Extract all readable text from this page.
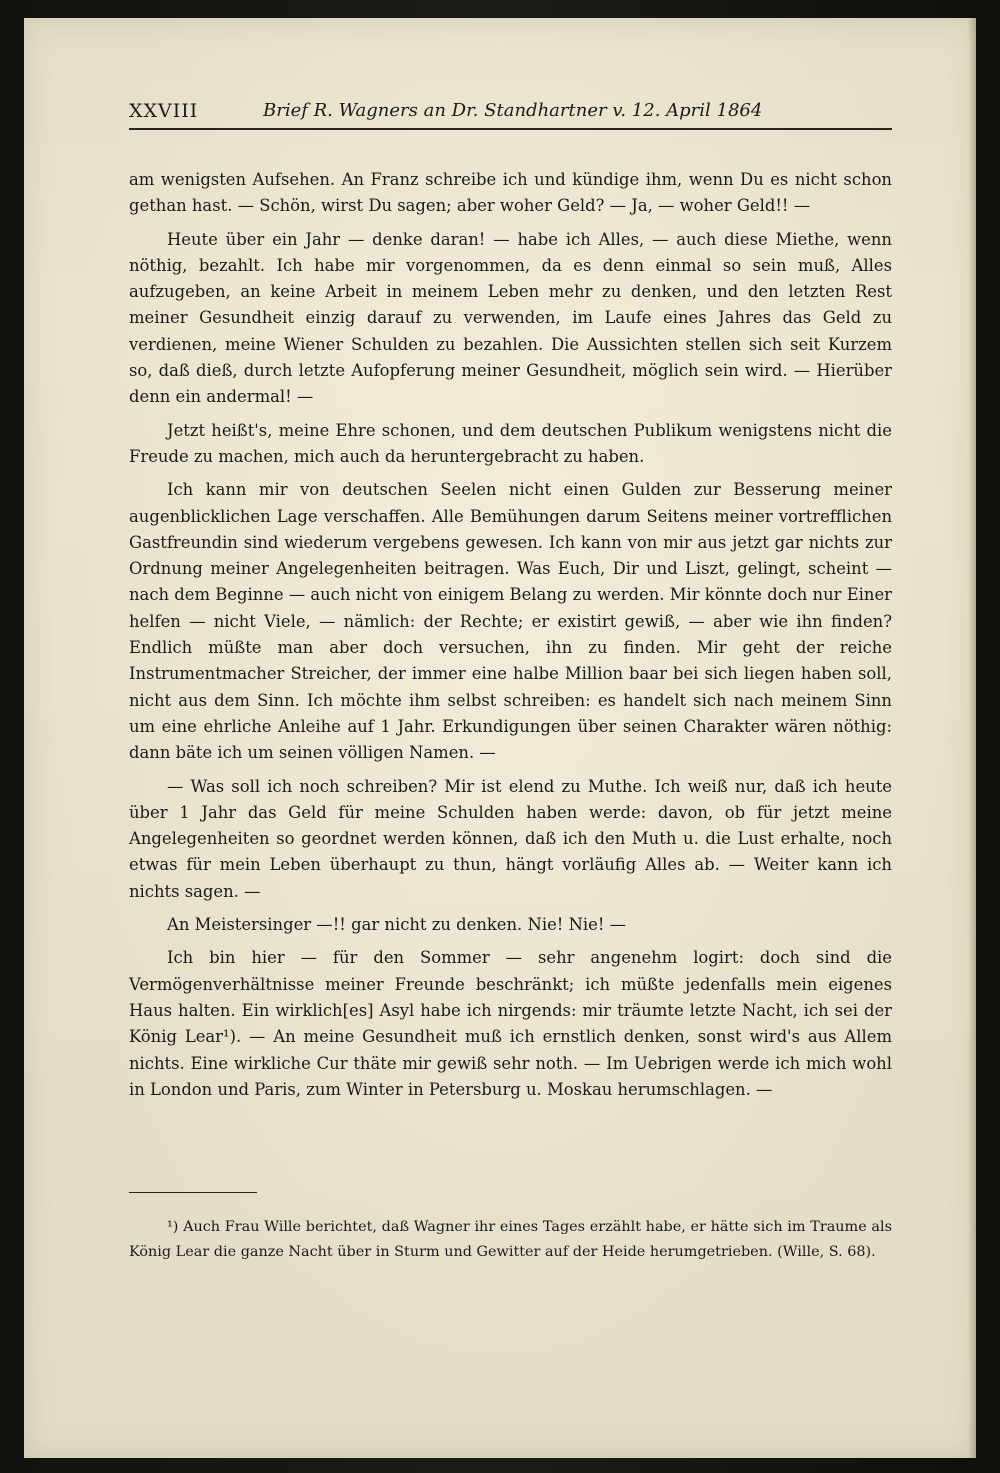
XXVIII	Brief R. Wagners an Dr. Standhartner v. 12. April 1864

am wenigsten Aufsehen. An Franz schreibe ich und kündige ihm, wenn Du es nicht schon gethan hast. — Schön, wirst Du sagen; aber woher Geld? — Ja, — woher Geld!! —

Heute über ein Jahr — denke daran! — habe ich Alles, — auch diese Miethe, wenn nöthig, bezahlt. Ich habe mir vorgenommen, da es denn einmal so sein muß, Alles aufzugeben, an keine Arbeit in meinem Leben mehr zu denken, und den letzten Rest meiner Gesundheit einzig darauf zu verwenden, im Laufe eines Jahres das Geld zu verdienen, meine Wiener Schulden zu bezahlen. Die Aussichten stellen sich seit Kurzem so, daß dieß, durch letzte Aufopferung meiner Gesundheit, möglich sein wird. — Hierüber denn ein andermal! —

Jetzt heißt's, meine Ehre schonen, und dem deutschen Publikum wenigstens nicht die Freude zu machen, mich auch da heruntergebracht zu haben.

Ich kann mir von deutschen Seelen nicht einen Gulden zur Besserung meiner augenblicklichen Lage verschaffen. Alle Bemühungen darum Seitens meiner vortrefflichen Gastfreundin sind wiederum vergebens gewesen. Ich kann von mir aus jetzt gar nichts zur Ordnung meiner Angelegenheiten beitragen. Was Euch, Dir und Liszt, gelingt, scheint — nach dem Beginne — auch nicht von einigem Belang zu werden. Mir könnte doch nur Einer helfen — nicht Viele, — nämlich: der Rechte; er existirt gewiß, — aber wie ihn finden? Endlich müßte man aber doch versuchen, ihn zu finden. Mir geht der reiche Instrumentmacher Streicher, der immer eine halbe Million baar bei sich liegen haben soll, nicht aus dem Sinn. Ich möchte ihm selbst schreiben: es handelt sich nach meinem Sinn um eine ehrliche Anleihe auf 1 Jahr. Erkundigungen über seinen Charakter wären nöthig: dann bäte ich um seinen völligen Namen. —

— Was soll ich noch schreiben? Mir ist elend zu Muthe. Ich weiß nur, daß ich heute über 1 Jahr das Geld für meine Schulden haben werde: davon, ob für jetzt meine Angelegenheiten so geordnet werden können, daß ich den Muth u. die Lust erhalte, noch etwas für mein Leben überhaupt zu thun, hängt vorläufig Alles ab. — Weiter kann ich nichts sagen. —

An Meistersinger —!! gar nicht zu denken. Nie! Nie! —

Ich bin hier — für den Sommer — sehr angenehm logirt: doch sind die Vermögenverhältnisse meiner Freunde beschränkt; ich müßte jedenfalls mein eigenes Haus halten. Ein wirklich[es] Asyl habe ich nirgends: mir träumte letzte Nacht, ich sei der König Lear¹). — An meine Gesundheit muß ich ernstlich denken, sonst wird's aus Allem nichts. Eine wirkliche Cur thäte mir gewiß sehr noth. — Im Uebrigen werde ich mich wohl in London und Paris, zum Winter in Petersburg u. Moskau herumschlagen. —

¹) Auch Frau Wille berichtet, daß Wagner ihr eines Tages erzählt habe, er hätte sich im Traume als König Lear die ganze Nacht über in Sturm und Gewitter auf der Heide herumgetrieben. (Wille, S. 68).
